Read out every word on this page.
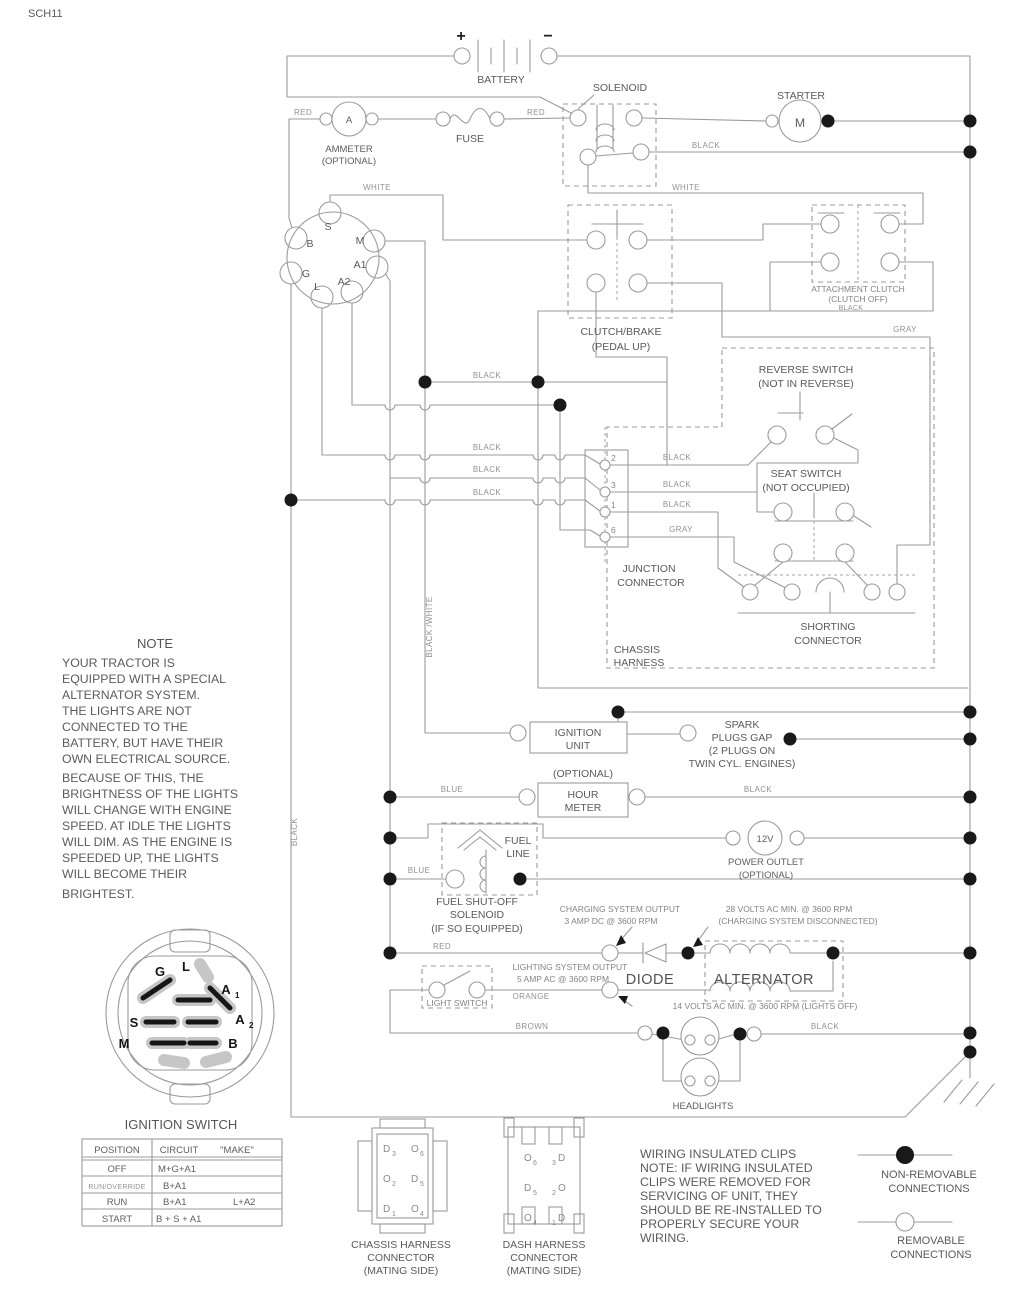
SCH11
+	−
BATTERY
A
AMMETER
(OPTIONAL)
FUSE
SOLENOID
STARTER
M
S
B	M
G
A1
A2
L
CLUTCH/BRAKE
(PEDAL UP)
ATTACHMENT CLUTCH
(CLUTCH OFF)
BLACK
REVERSE SWITCH
(NOT IN REVERSE)
SEAT SWITCH
(NOT OCCUPIED)
JUNCTION
CONNECTOR
CHASSIS
HARNESS
SHORTING
CONNECTOR
2
3
1
6
IGNITION
UNIT
SPARK
PLUGS GAP
(2 PLUGS ON
TWIN CYL. ENGINES)
(OPTIONAL)
HOUR
METER
12V
POWER OUTLET
(OPTIONAL)
FUEL
LINE
FUEL SHUT-OFF
SOLENOID
(IF SO EQUIPPED)
LIGHT SWITCH
DIODE	ALTERNATOR
HEADLIGHTS
CHARGING SYSTEM OUTPUT
3 AMP DC @ 3600 RPM
28 VOLTS AC MIN. @ 3600 RPM
(CHARGING SYSTEM DISCONNECTED)
LIGHTING SYSTEM OUTPUT
5 AMP AC @ 3600 RPM
14 VOLTS AC MIN. @ 3600 RPM (LIGHTS OFF)
RED	RED
BLACK
WHITE	WHITE
GRAY
BLACK
BLACK
BLACK
BLACK
BLACK
BLACK
BLACK
GRAY
BLACK /WHITE
BLACK
BLUE	BLACK
BLUE
RED
ORANGE
BROWN	BLACK
NOTE
YOUR TRACTOR IS
EQUIPPED WITH A SPECIAL
ALTERNATOR SYSTEM.
THE LIGHTS ARE NOT
CONNECTED TO THE
BATTERY, BUT HAVE THEIR
OWN ELECTRICAL SOURCE.
BECAUSE OF THIS, THE
BRIGHTNESS OF THE LIGHTS
WILL CHANGE WITH ENGINE
SPEED. AT IDLE THE LIGHTS
WILL DIM. AS THE ENGINE IS
SPEEDED UP, THE LIGHTS
WILL BECOME THEIR
BRIGHTEST.
G L
A 1
A 2
S
M	B
IGNITION SWITCH
POSITION CIRCUIT "MAKE"
OFF	M+G+A1
RUN/OVERRIDE B+A1
RUN	B+A1	L+A2
START	B + S + A1
D 3 O 6
O 2 D 5
D 1 O 4
CHASSIS HARNESS
CONNECTOR
(MATING SIDE)
O 6 D
3
D 5 O
2
O 4 D
1
DASH HARNESS
CONNECTOR
(MATING SIDE)
WIRING INSULATED CLIPS
NOTE: IF WIRING INSULATED
CLIPS WERE REMOVED FOR
SERVICING OF UNIT, THEY
SHOULD BE RE-INSTALLED TO
PROPERLY SECURE YOUR
WIRING.
NON-REMOVABLE
CONNECTIONS
REMOVABLE
CONNECTIONS
